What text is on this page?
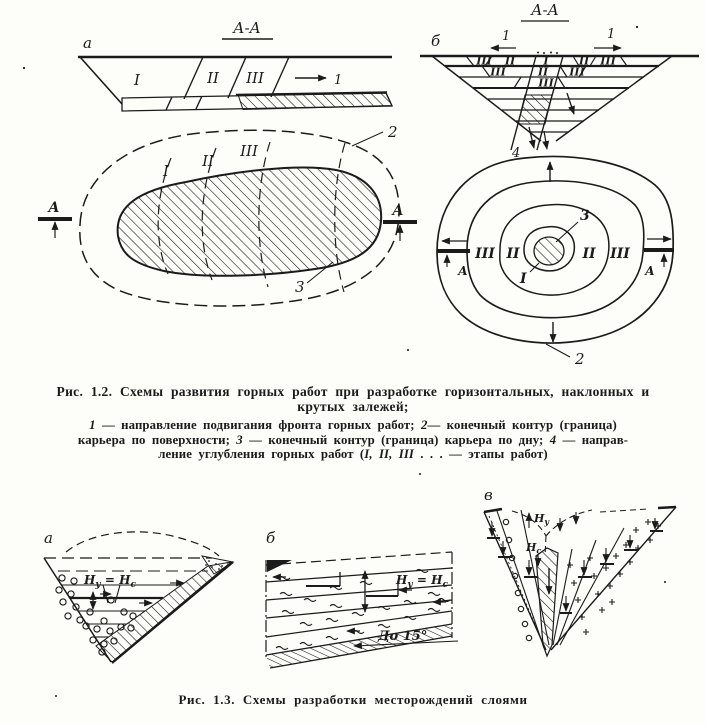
А-А
а
I	II III	1
А-А
б	1	1
4
III II	I	II III
III	II III
III
2
I
II
III
3
А	А	3
I
III II	II III
А	А
2
а
$Н_у = Н_с$
б
$Н_у = Н_с$
До 15°
в
$Н_у$
$Н_с$
Рис. 1.2. Схемы развития горных работ при разработке горизонтальных, наклонных и
крутых залежей;
1 — направление подвигания фронта горных работ; 2— конечный контур (граница)
карьера по поверхности; 3 — конечный контур (граница) карьера по дну; 4 — направ-
ление углубления горных работ (I, II, III . . . — этапы работ)
Рис. 1.3. Схемы разработки месторождений слоями
